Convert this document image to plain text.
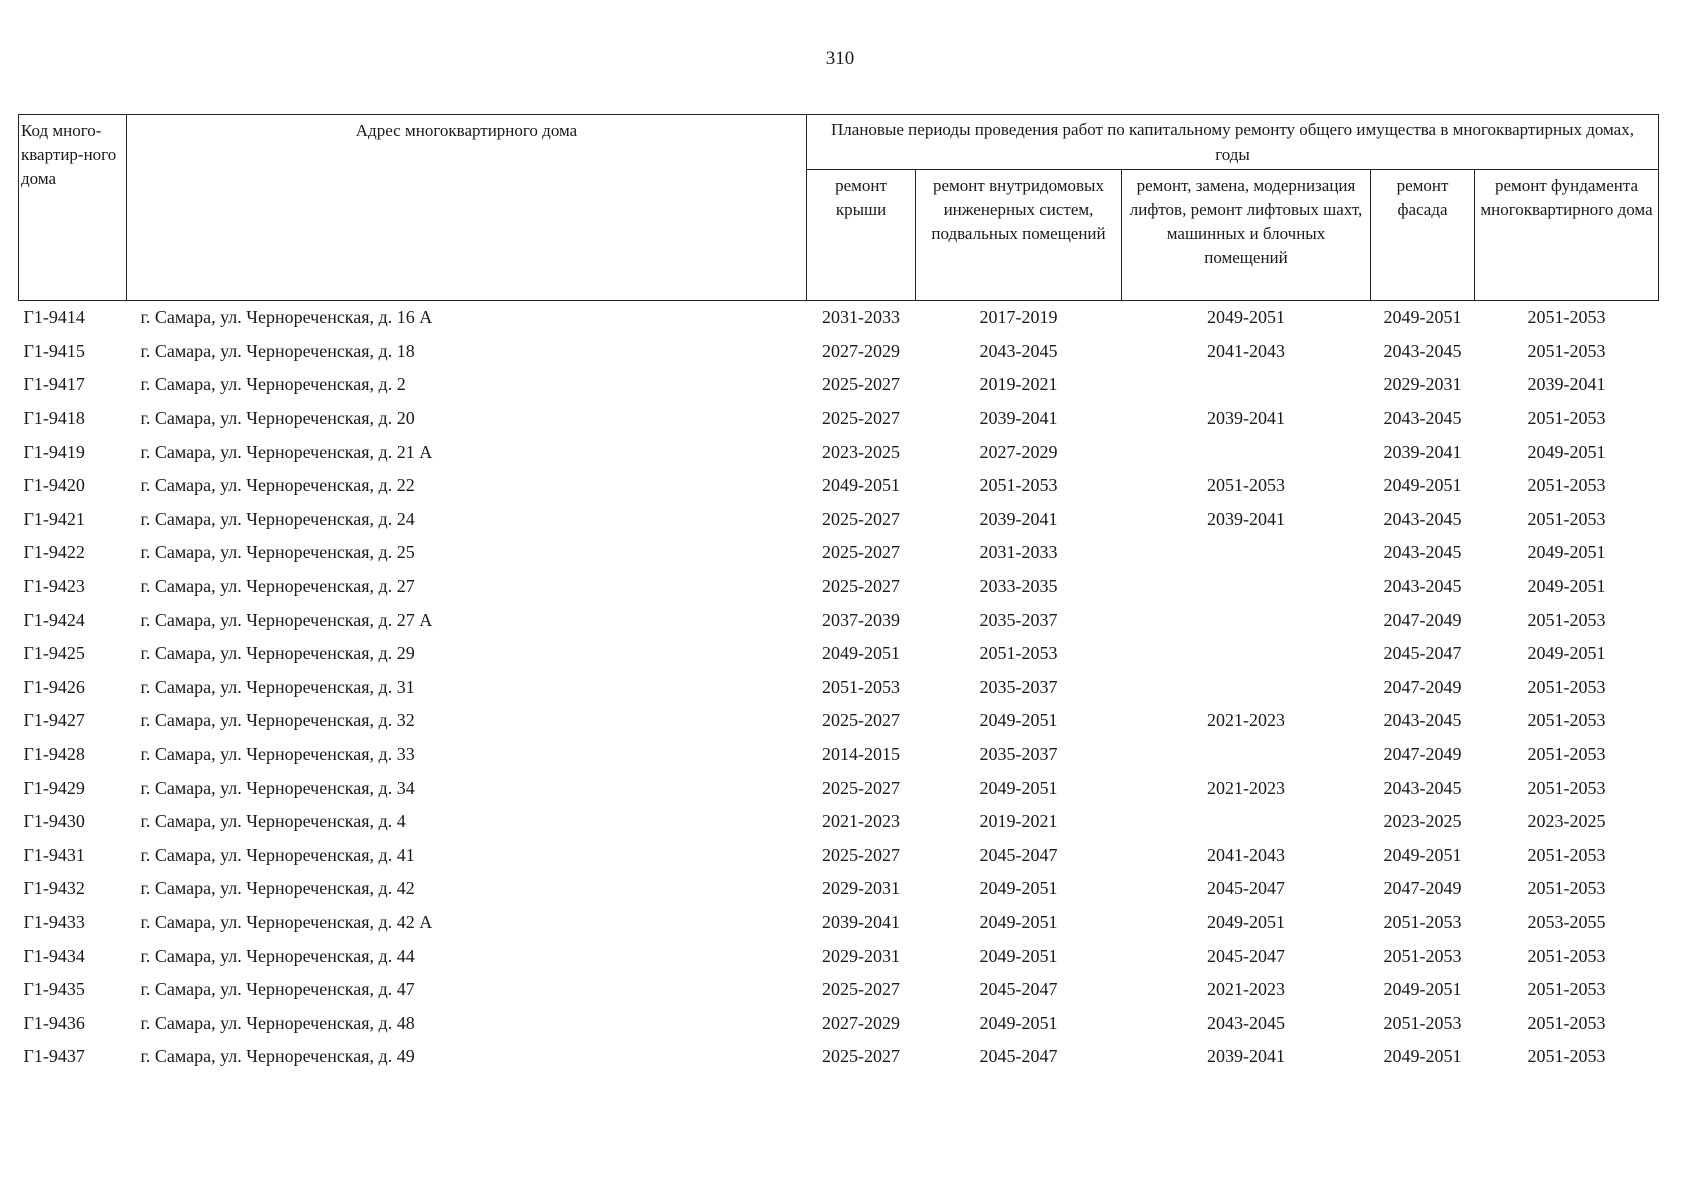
310
Код много-квартир-ного дома	Адрес многоквартирного дома	Плановые периоды проведения работ по капитальному ремонту общего имущества в многоквартирных домах, годы				
		ремонт крыши	ремонт внутридомовых инженерных систем, подвальных помещений	ремонт, замена, модернизация лифтов, ремонт лифтовых шахт, машинных и блочных помещений	ремонт фасада	ремонт фундамента многоквартирного дома
Г1-9414	г. Самара, ул. Чернореченская, д. 16 А	2031-2033	2017-2019	2049-2051	2049-2051	2051-2053
Г1-9415	г. Самара, ул. Чернореченская, д. 18	2027-2029	2043-2045	2041-2043	2043-2045	2051-2053
Г1-9417	г. Самара, ул. Чернореченская, д. 2	2025-2027	2019-2021		2029-2031	2039-2041
Г1-9418	г. Самара, ул. Чернореченская, д. 20	2025-2027	2039-2041	2039-2041	2043-2045	2051-2053
Г1-9419	г. Самара, ул. Чернореченская, д. 21 А	2023-2025	2027-2029		2039-2041	2049-2051
Г1-9420	г. Самара, ул. Чернореченская, д. 22	2049-2051	2051-2053	2051-2053	2049-2051	2051-2053
Г1-9421	г. Самара, ул. Чернореченская, д. 24	2025-2027	2039-2041	2039-2041	2043-2045	2051-2053
Г1-9422	г. Самара, ул. Чернореченская, д. 25	2025-2027	2031-2033		2043-2045	2049-2051
Г1-9423	г. Самара, ул. Чернореченская, д. 27	2025-2027	2033-2035		2043-2045	2049-2051
Г1-9424	г. Самара, ул. Чернореченская, д. 27 А	2037-2039	2035-2037		2047-2049	2051-2053
Г1-9425	г. Самара, ул. Чернореченская, д. 29	2049-2051	2051-2053		2045-2047	2049-2051
Г1-9426	г. Самара, ул. Чернореченская, д. 31	2051-2053	2035-2037		2047-2049	2051-2053
Г1-9427	г. Самара, ул. Чернореченская, д. 32	2025-2027	2049-2051	2021-2023	2043-2045	2051-2053
Г1-9428	г. Самара, ул. Чернореченская, д. 33	2014-2015	2035-2037		2047-2049	2051-2053
Г1-9429	г. Самара, ул. Чернореченская, д. 34	2025-2027	2049-2051	2021-2023	2043-2045	2051-2053
Г1-9430	г. Самара, ул. Чернореченская, д. 4	2021-2023	2019-2021		2023-2025	2023-2025
Г1-9431	г. Самара, ул. Чернореченская, д. 41	2025-2027	2045-2047	2041-2043	2049-2051	2051-2053
Г1-9432	г. Самара, ул. Чернореченская, д. 42	2029-2031	2049-2051	2045-2047	2047-2049	2051-2053
Г1-9433	г. Самара, ул. Чернореченская, д. 42 А	2039-2041	2049-2051	2049-2051	2051-2053	2053-2055
Г1-9434	г. Самара, ул. Чернореченская, д. 44	2029-2031	2049-2051	2045-2047	2051-2053	2051-2053
Г1-9435	г. Самара, ул. Чернореченская, д. 47	2025-2027	2045-2047	2021-2023	2049-2051	2051-2053
Г1-9436	г. Самара, ул. Чернореченская, д. 48	2027-2029	2049-2051	2043-2045	2051-2053	2051-2053
Г1-9437	г. Самара, ул. Чернореченская, д. 49	2025-2027	2045-2047	2039-2041	2049-2051	2051-2053
